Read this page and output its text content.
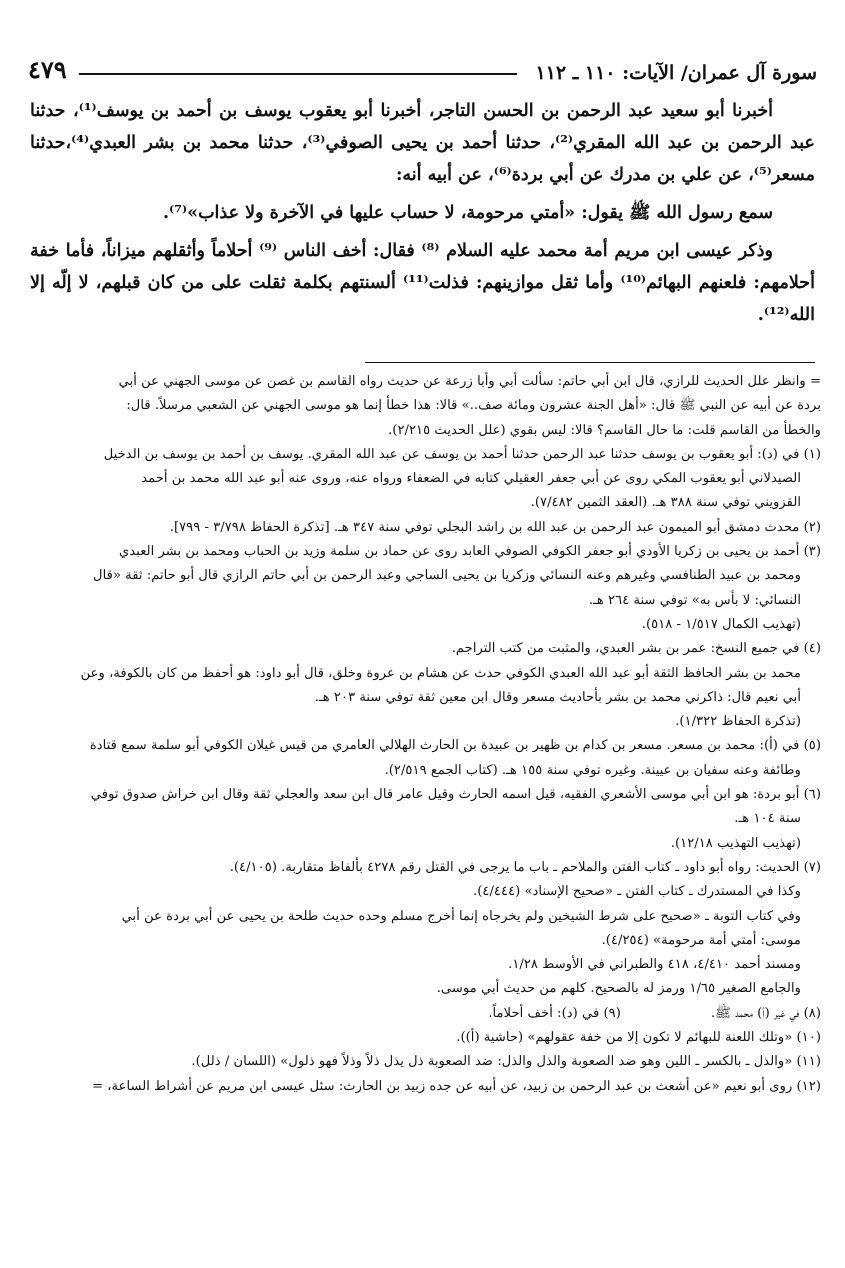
سورة آل عمران/ الآيات: ١١٠ ـ ١١٢
٤٧٩

أخبرنا أبو سعيد عبد الرحمن بن الحسن التاجر، أخبرنا أبو يعقوب يوسف بن أحمد بن يوسف⁽¹⁾، حدثنا عبد الرحمن بن عبد الله المقري⁽²⁾، حدثنا أحمد بن يحيى الصوفي⁽³⁾، حدثنا محمد بن بشر العبدي⁽⁴⁾،حدثنا مسعر⁽⁵⁾، عن علي بن مدرك عن أبي بردة⁽⁶⁾، عن أبيه أنه:

سمع رسول الله ﷺ يقول: «أمتي مرحومة، لا حساب عليها في الآخرة ولا عذاب»⁽⁷⁾.

وذكر عيسى ابن مريم أمة محمد عليه السلام ⁽⁸⁾ فقال: أخف الناس ⁽⁹⁾ أحلاماً وأثقلهم ميزاناً، فأما خفة أحلامهم: فلعنهم البهائم⁽¹⁰⁾ وأما ثقل موازينهم: فذلت⁽¹¹⁾ ألسنتهم بكلمة ثقلت على من كان قبلهم، لا إلّه إلا الله⁽¹²⁾.

= وانظر علل الحديث للرازي، قال ابن أبي حاتم: سألت أبي وأبا زرعة عن حديث رواه القاسم بن غصن عن موسى الجهني عن أبي
بردة عن أبيه عن النبي ﷺ قال: «أهل الجنة عشرون ومائة صف..» قالا: هذا خطأ إنما هو موسى الجهني عن الشعبي مرسلاً. قال:
والخطأ من القاسم قلت: ما حال القاسم؟ قالا: ليس بقوي (علل الحديث ٢/٢١٥).
(١) في (د): أبو يعقوب بن يوسف حدثنا عبد الرحمن حدثنا أحمد بن يوسف عن عبد الله المقري. يوسف بن أحمد بن يوسف بن الدخيل
الصيدلاني أبو يعقوب المكي روى عن أبي جعفر العقيلي كتابه في الضعفاء ورواه عنه، وروى عنه أبو عبد الله محمد بن أحمد
القزويني توفي سنة ٣٨٨ هـ. (العقد الثمين ٧/٤٨٢).
(٢) محدث دمشق أبو الميمون عبد الرحمن بن عبد الله بن راشد البجلي توفي سنة ٣٤٧ هـ. [تذكرة الحفاظ ٣/٧٩٨ - ٧٩٩].
(٣) أحمد بن يحيى بن زكريا الأودي أبو جعفر الكوفي الصوفي العابد روى عن حماد بن سلمة وزيد بن الحباب ومحمد بن بشر العبدي
ومحمد بن عبيد الطنافسي وغيرهم وعنه النسائي وزكريا بن يحيى الساجي وعبد الرحمن بن أبي حاتم الرازي قال أبو حاتم: ثقة «قال
النسائي: لا بأس به» توفي سنة ٢٦٤ هـ.
(تهذيب الكمال ١/٥١٧ - ٥١٨).
(٤) في جميع النسخ: عمر بن بشر العبدي، والمثبت من كتب التراجم.
محمد بن بشر الحافظ الثقة أبو عبد الله العبدي الكوفي حدث عن هشام بن عروة وخلق، قال أبو داود: هو أحفظ من كان بالكوفة، وعن
أبي نعيم قال: ذاكرني محمد بن بشر بأحاديث مسعر وقال ابن معين ثقة توفي سنة ٢٠٣ هـ.
(تذكرة الحفاظ ١/٣٢٢).
(٥) في (أ): محمد بن مسعر. مسعر بن كدام بن ظهير بن عبيدة بن الحارث الهلالي العامري من قيس غيلان الكوفي أبو سلمة سمع قتادة
وطائفة وعنه سفيان بن عيينة. وغيره توفي سنة ١٥٥ هـ. (كتاب الجمع ٢/٥١٩).
(٦) أبو بردة: هو ابن أبي موسى الأشعري الفقيه، قيل اسمه الحارث وقيل عامر قال ابن سعد والعجلي ثقة وقال ابن خراش صدوق توفي
سنة ١٠٤ هـ.
(تهذيب التهذيب ١٢/١٨).
(٧) الحديث: رواه أبو داود ـ كتاب الفتن والملاحم ـ باب ما يرجى في القتل رقم ٤٢٧٨ بألفاظ متقاربة. (٤/١٠٥).
وكذا في المستدرك ـ كتاب الفتن ـ «صحيح الإسناد» (٤/٤٤٤).
وفي كتاب التوبة ـ «صحيح على شرط الشيخين ولم يخرجاه إنما أخرج مسلم وحده حديث طلحة بن يحيى عن أبي بردة عن أبي
موسى: أمتي أمة مرحومة» (٤/٢٥٤).
ومسند أحمد ٤/٤١٠، ٤١٨ والطبراني في الأوسط ١/٢٨.
والجامع الصغير ١/٦٥ ورمز له بالصحيح. كلهم من حديث أبي موسى.
(٨) في غير (أ) محمد ﷺ.
(٩) في (د): أخف أحلاماً.
(١٠) «وتلك اللعنة للبهائم لا تكون إلا من خفة عقولهم» (حاشية (أ)).
(١١) «والذل ـ بالكسر ـ اللين وهو ضد الصعوبة والذل والذل: ضد الصعوبة ذل يذل ذلاً وذلاً فهو ذلول» (اللسان / ذلل).
(١٢) روى أبو نعيم «عن أشعث بن عبد الرحمن بن زبيد، عن أبيه عن جده زبيد بن الحارث: سئل عيسى ابن مريم عن أشراط الساعة، =
